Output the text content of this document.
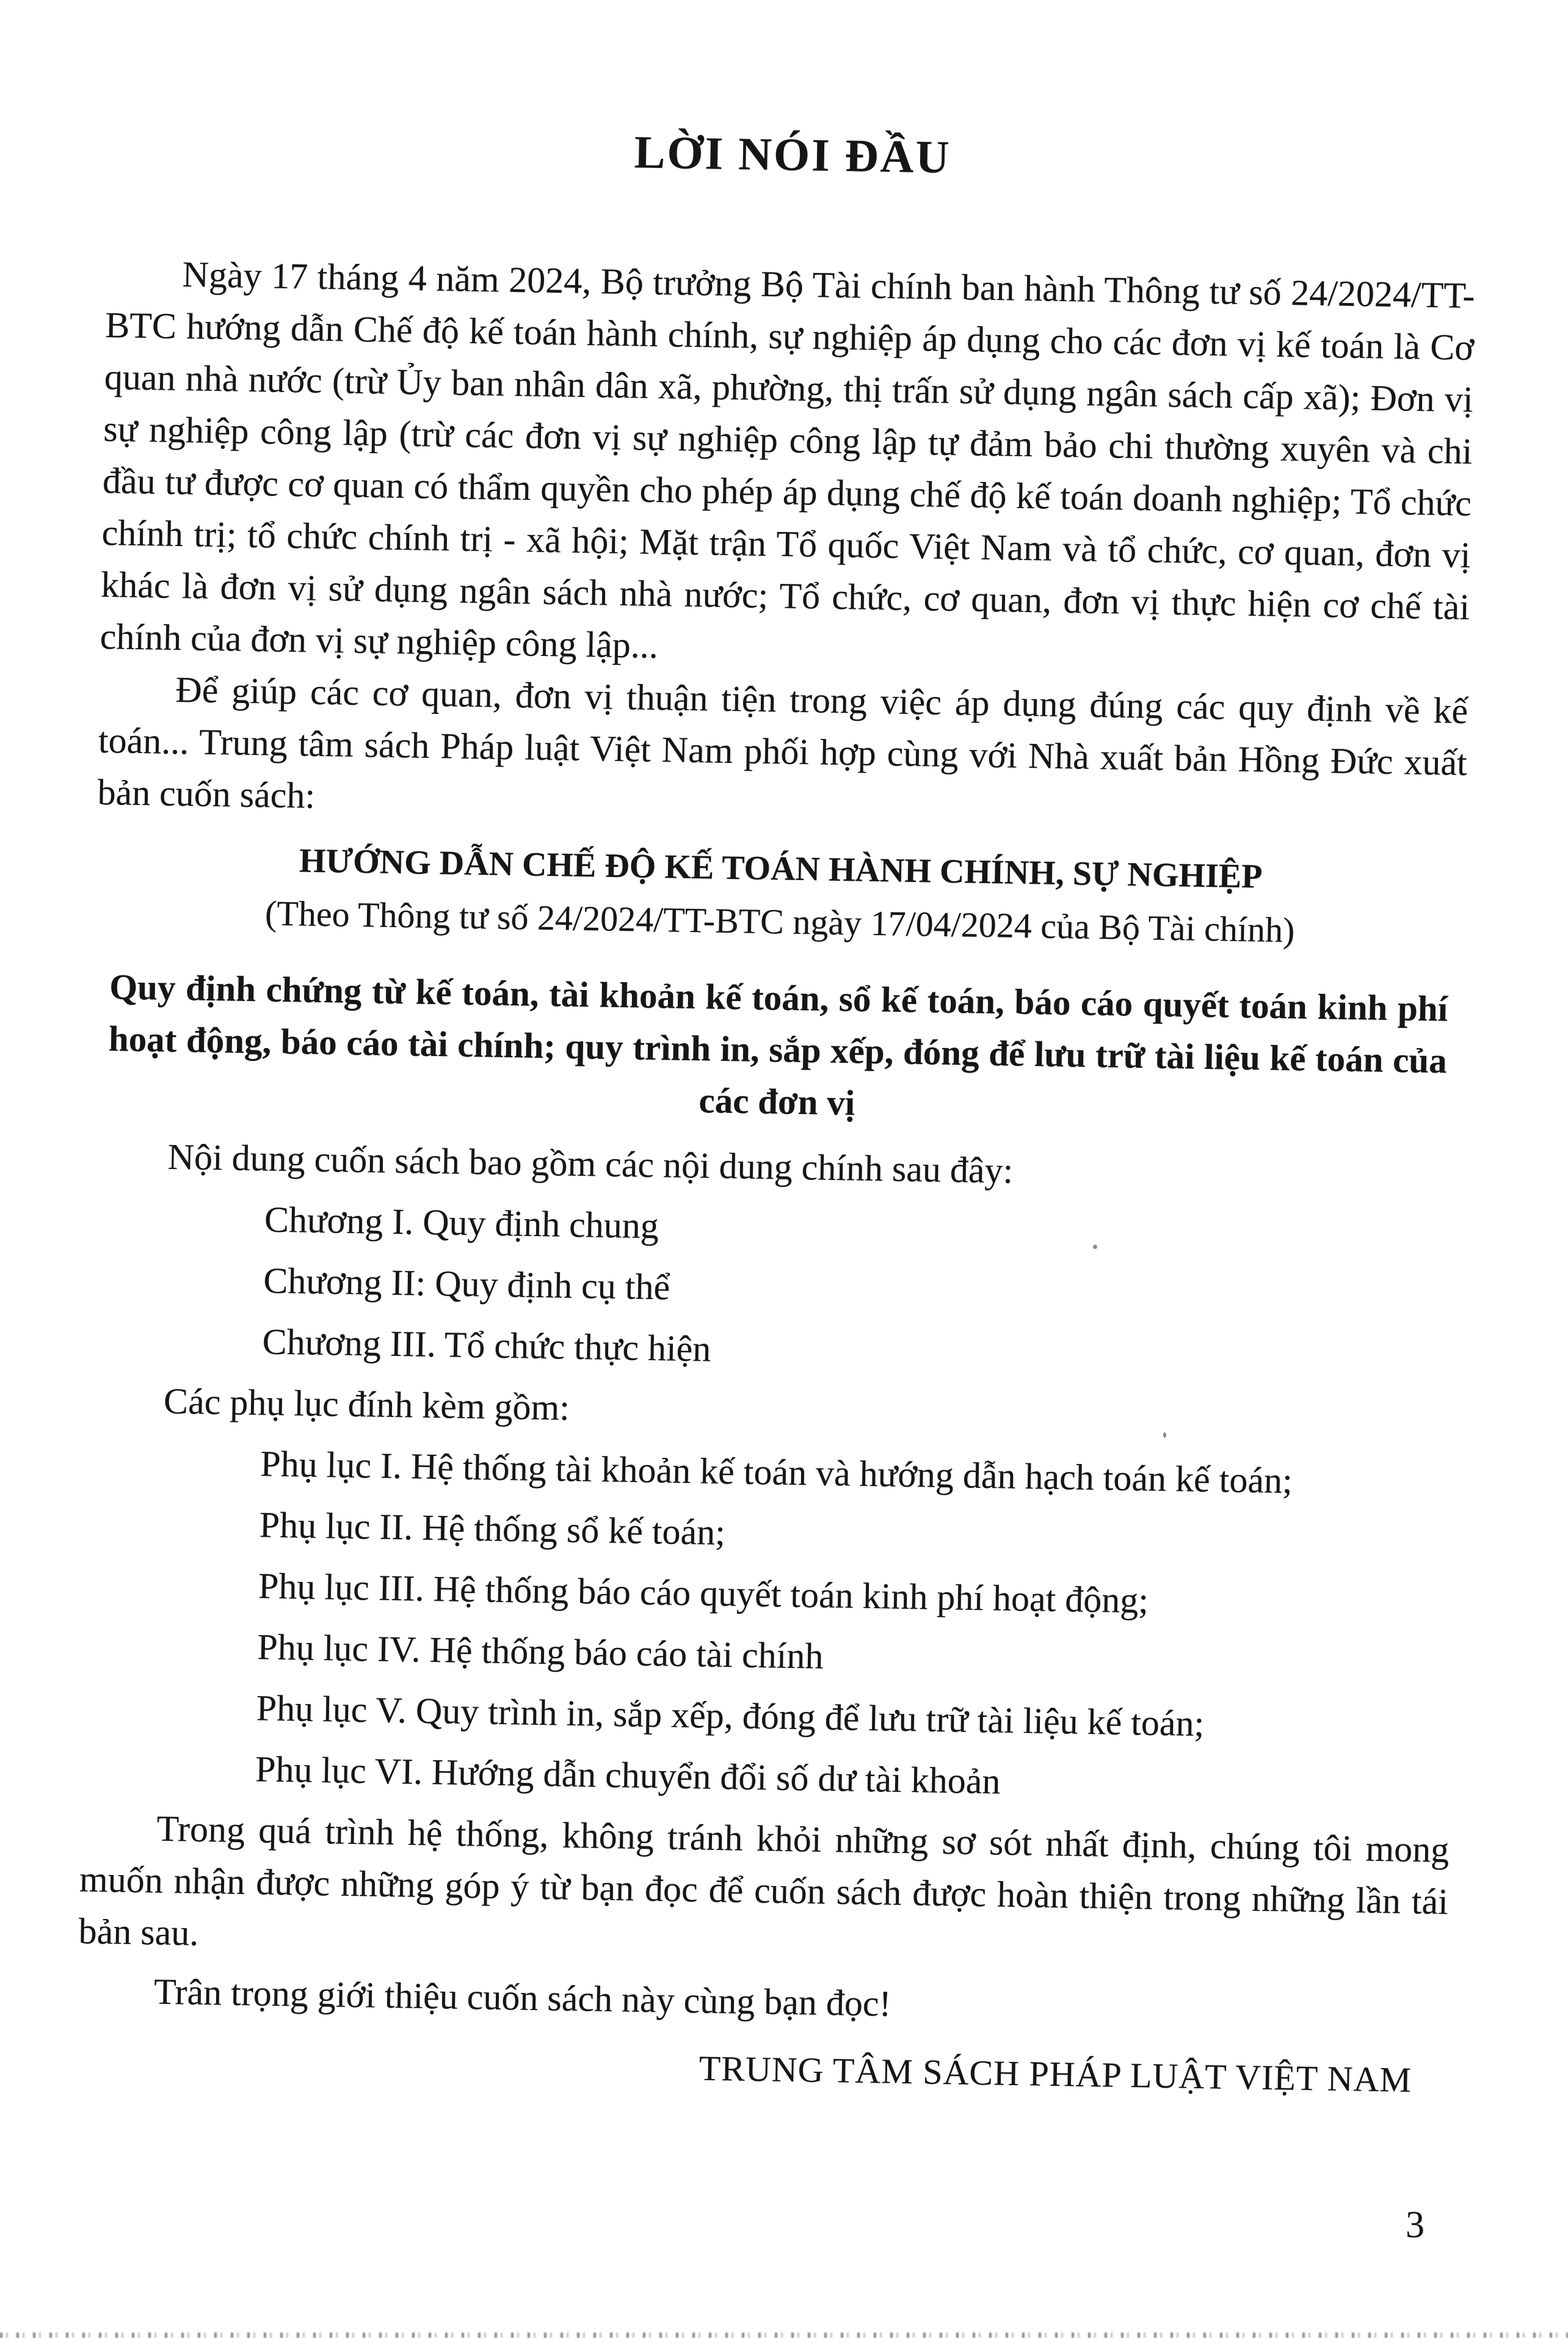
LỜI NÓI ĐẦU

Ngày 17 tháng 4 năm 2024, Bộ trưởng Bộ Tài chính ban hành Thông tư số 24/2024/TT-BTC hướng dẫn Chế độ kế toán hành chính, sự nghiệp áp dụng cho các đơn vị kế toán là Cơ quan nhà nước (trừ Ủy ban nhân dân xã, phường, thị trấn sử dụng ngân sách cấp xã); Đơn vị sự nghiệp công lập (trừ các đơn vị sự nghiệp công lập tự đảm bảo chi thường xuyên và chi đầu tư được cơ quan có thẩm quyền cho phép áp dụng chế độ kế toán doanh nghiệp; Tổ chức chính trị; tổ chức chính trị - xã hội; Mặt trận Tổ quốc Việt Nam và tổ chức, cơ quan, đơn vị khác là đơn vị sử dụng ngân sách nhà nước; Tổ chức, cơ quan, đơn vị thực hiện cơ chế tài chính của đơn vị sự nghiệp công lập...

Để giúp các cơ quan, đơn vị thuận tiện trong việc áp dụng đúng các quy định về kế toán... Trung tâm sách Pháp luật Việt Nam phối hợp cùng với Nhà xuất bản Hồng Đức xuất bản cuốn sách:

HƯỚNG DẪN CHẾ ĐỘ KẾ TOÁN HÀNH CHÍNH, SỰ NGHIỆP
(Theo Thông tư số 24/2024/TT-BTC ngày 17/04/2024 của Bộ Tài chính)

Quy định chứng từ kế toán, tài khoản kế toán, sổ kế toán, báo cáo quyết toán kinh phí hoạt động, báo cáo tài chính; quy trình in, sắp xếp, đóng để lưu trữ tài liệu kế toán của các đơn vị

Nội dung cuốn sách bao gồm các nội dung chính sau đây:

Chương I. Quy định chung

Chương II: Quy định cụ thể

Chương III. Tổ chức thực hiện

Các phụ lục đính kèm gồm:

Phụ lục I. Hệ thống tài khoản kế toán và hướng dẫn hạch toán kế toán;

Phụ lục II. Hệ thống sổ kế toán;

Phụ lục III. Hệ thống báo cáo quyết toán kinh phí hoạt động;

Phụ lục IV. Hệ thống báo cáo tài chính

Phụ lục V. Quy trình in, sắp xếp, đóng để lưu trữ tài liệu kế toán;

Phụ lục VI. Hướng dẫn chuyển đổi số dư tài khoản

Trong quá trình hệ thống, không tránh khỏi những sơ sót nhất định, chúng tôi mong muốn nhận được những góp ý từ bạn đọc để cuốn sách được hoàn thiện trong những lần tái bản sau.

Trân trọng giới thiệu cuốn sách này cùng bạn đọc!

TRUNG TÂM SÁCH PHÁP LUẬT VIỆT NAM

3
